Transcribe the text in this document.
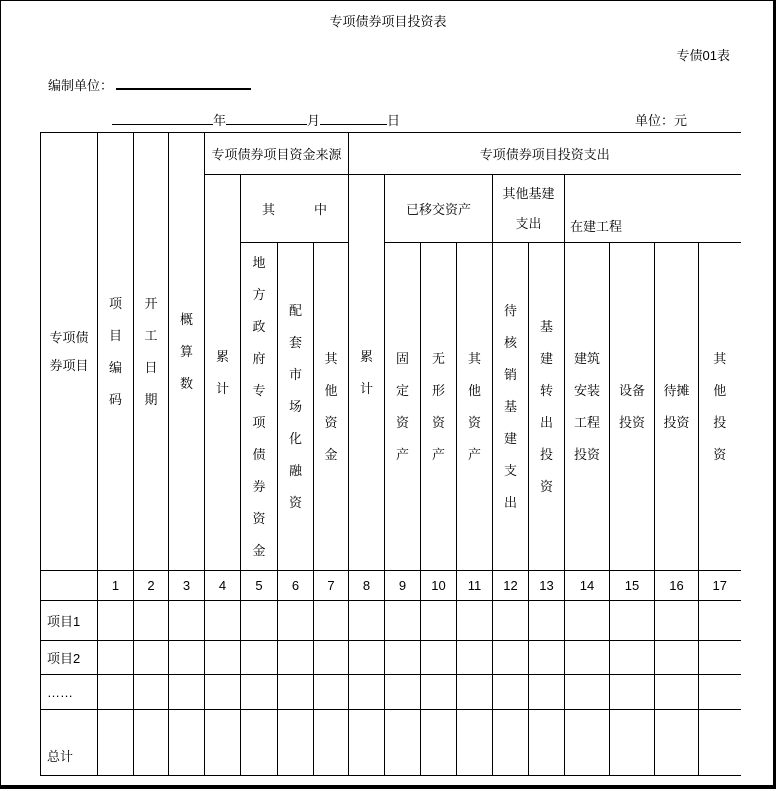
专项债券项目投资表
专债01表
编制单位：
年	月	日	单位：元
专项债券项目	项目编码	开工日期	概算数	专项债券项目资金来源				专项债券项目投资支出									
				累计	其　　　中			累计	已移交资产			其他基建支出		在建工程			
					地方政府专项债券资金	配套市场化融资	其他资金		固定资产	无形资产	其他资产	待核销基建支出	基建转出投资	建筑安装工程投资	设备投资	待摊投资	其他投资
	1	2	3	4	5	6	7	8	9	10	11	12	13	14	15	16	17
项目1																	
项目2																	
……																	
总计																	
